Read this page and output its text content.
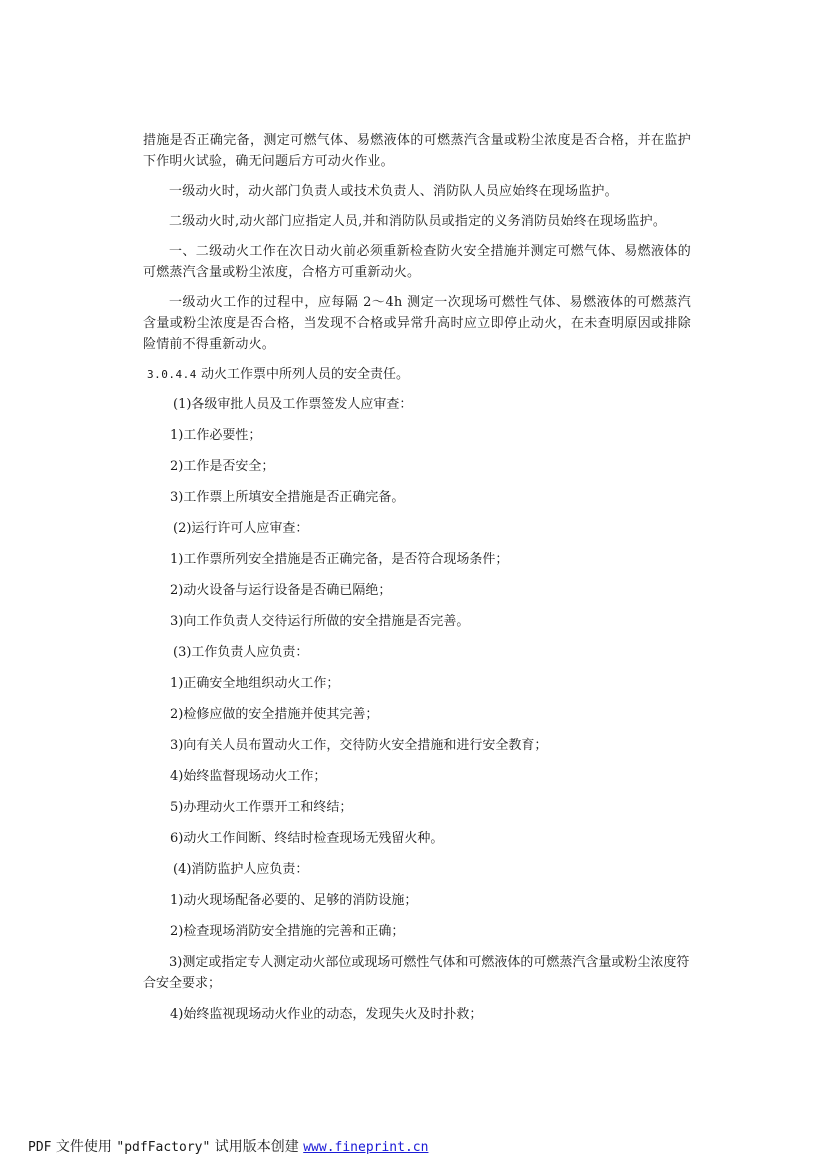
措施是否正确完备，测定可燃气体、易燃液体的可燃蒸汽含量或粉尘浓度是否合格，并在监护下作明火试验，确无问题后方可动火作业。

一级动火时，动火部门负责人或技术负责人、消防队人员应始终在现场监护。

二级动火时,动火部门应指定人员,并和消防队员或指定的义务消防员始终在现场监护。

一、二级动火工作在次日动火前必须重新检查防火安全措施并测定可燃气体、易燃液体的可燃蒸汽含量或粉尘浓度，合格方可重新动火。

一级动火工作的过程中，应每隔 2～4h 测定一次现场可燃性气体、易燃液体的可燃蒸汽含量或粉尘浓度是否合格，当发现不合格或异常升高时应立即停止动火，在未查明原因或排除险情前不得重新动火。

3.0.4.4 动火工作票中所列人员的安全责任。
(1)各级审批人员及工作票签发人应审查：
1)工作必要性；
2)工作是否安全；
3)工作票上所填安全措施是否正确完备。
(2)运行许可人应审查：
1)工作票所列安全措施是否正确完备，是否符合现场条件；
2)动火设备与运行设备是否确已隔绝；
3)向工作负责人交待运行所做的安全措施是否完善。
(3)工作负责人应负责：
1)正确安全地组织动火工作；
2)检修应做的安全措施并使其完善；
3)向有关人员布置动火工作，交待防火安全措施和进行安全教育；
4)始终监督现场动火工作；
5)办理动火工作票开工和终结；
6)动火工作间断、终结时检查现场无残留火种。
(4)消防监护人应负责：
1)动火现场配备必要的、足够的消防设施；
2)检查现场消防安全措施的完善和正确；
3)测定或指定专人测定动火部位或现场可燃性气体和可燃液体的可燃蒸汽含量或粉尘浓度符合安全要求；
4)始终监视现场动火作业的动态，发现失火及时扑救；
PDF 文件使用 "pdfFactory" 试用版本创建 www.fineprint.cn
